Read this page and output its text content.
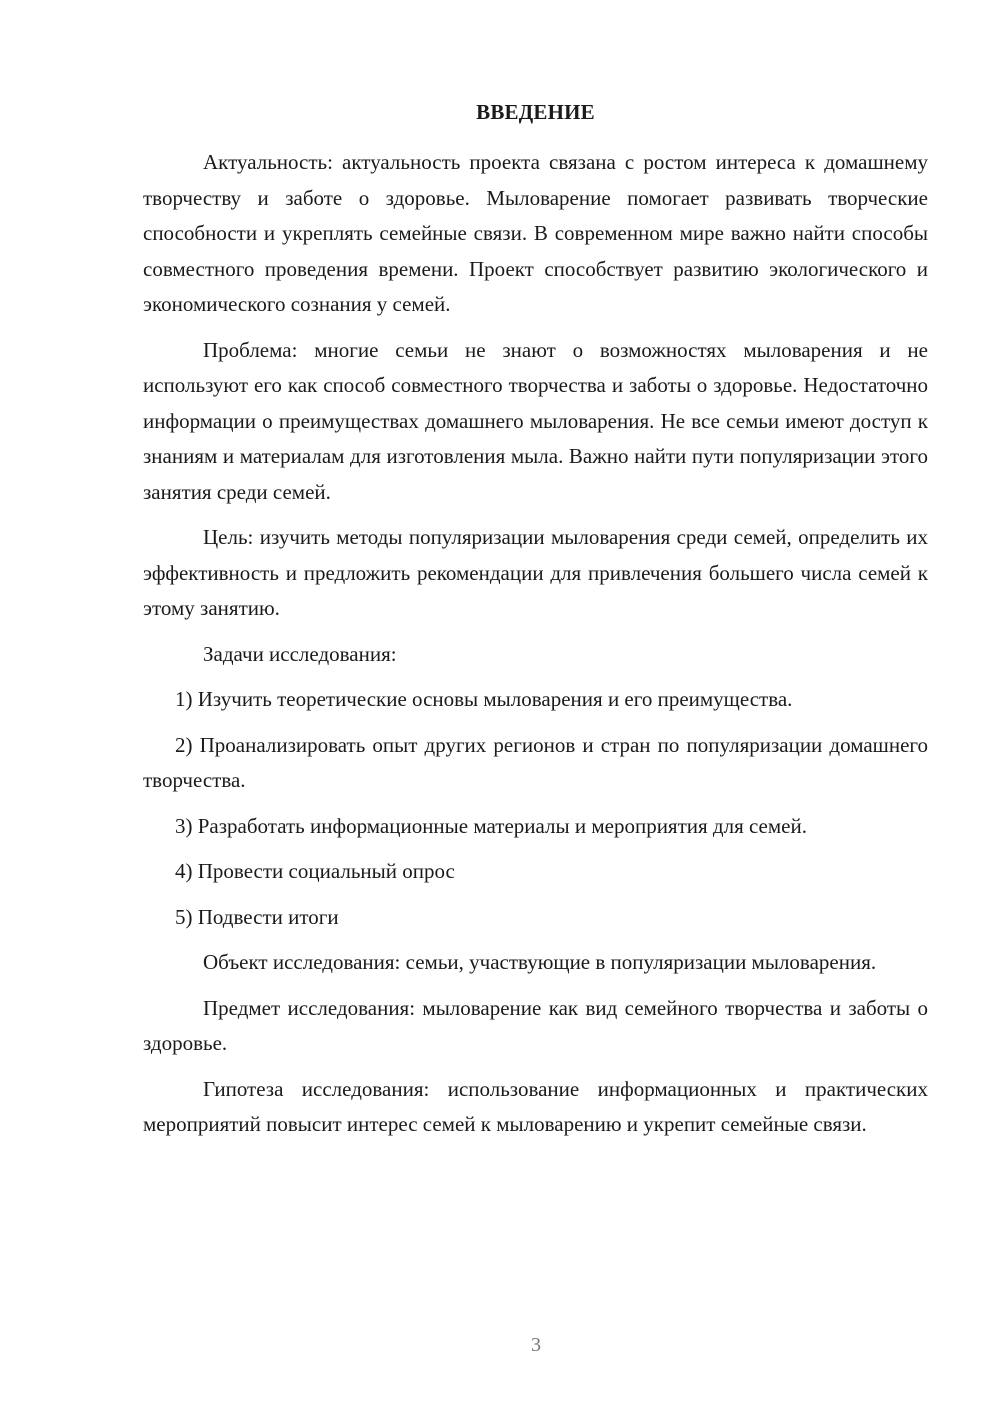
ВВЕДЕНИЕ

Актуальность: актуальность проекта связана с ростом интереса к домашнему творчеству и заботе о здоровье. Мыловарение помогает развивать творческие способности и укреплять семейные связи. В современном мире важно найти способы совместного проведения времени. Проект способствует развитию экологического и экономического сознания у семей.

Проблема: многие семьи не знают о возможностях мыловарения и не используют его как способ совместного творчества и заботы о здоровье. Недостаточно информации о преимуществах домашнего мыловарения. Не все семьи имеют доступ к знаниям и материалам для изготовления мыла. Важно найти пути популяризации этого занятия среди семей.

Цель: изучить методы популяризации мыловарения среди семей, определить их эффективность и предложить рекомендации для привлечения большего числа семей к этому занятию.

Задачи исследования:

1) Изучить теоретические основы мыловарения и его преимущества.

2) Проанализировать опыт других регионов и стран по популяризации домашнего творчества.

3) Разработать информационные материалы и мероприятия для семей.

4) Провести социальный опрос

5) Подвести итоги

Объект исследования: семьи, участвующие в популяризации мыловарения.

Предмет исследования: мыловарение как вид семейного творчества и заботы о здоровье.

Гипотеза исследования: использование информационных и практических мероприятий повысит интерес семей к мыловарению и укрепит семейные связи.

3
